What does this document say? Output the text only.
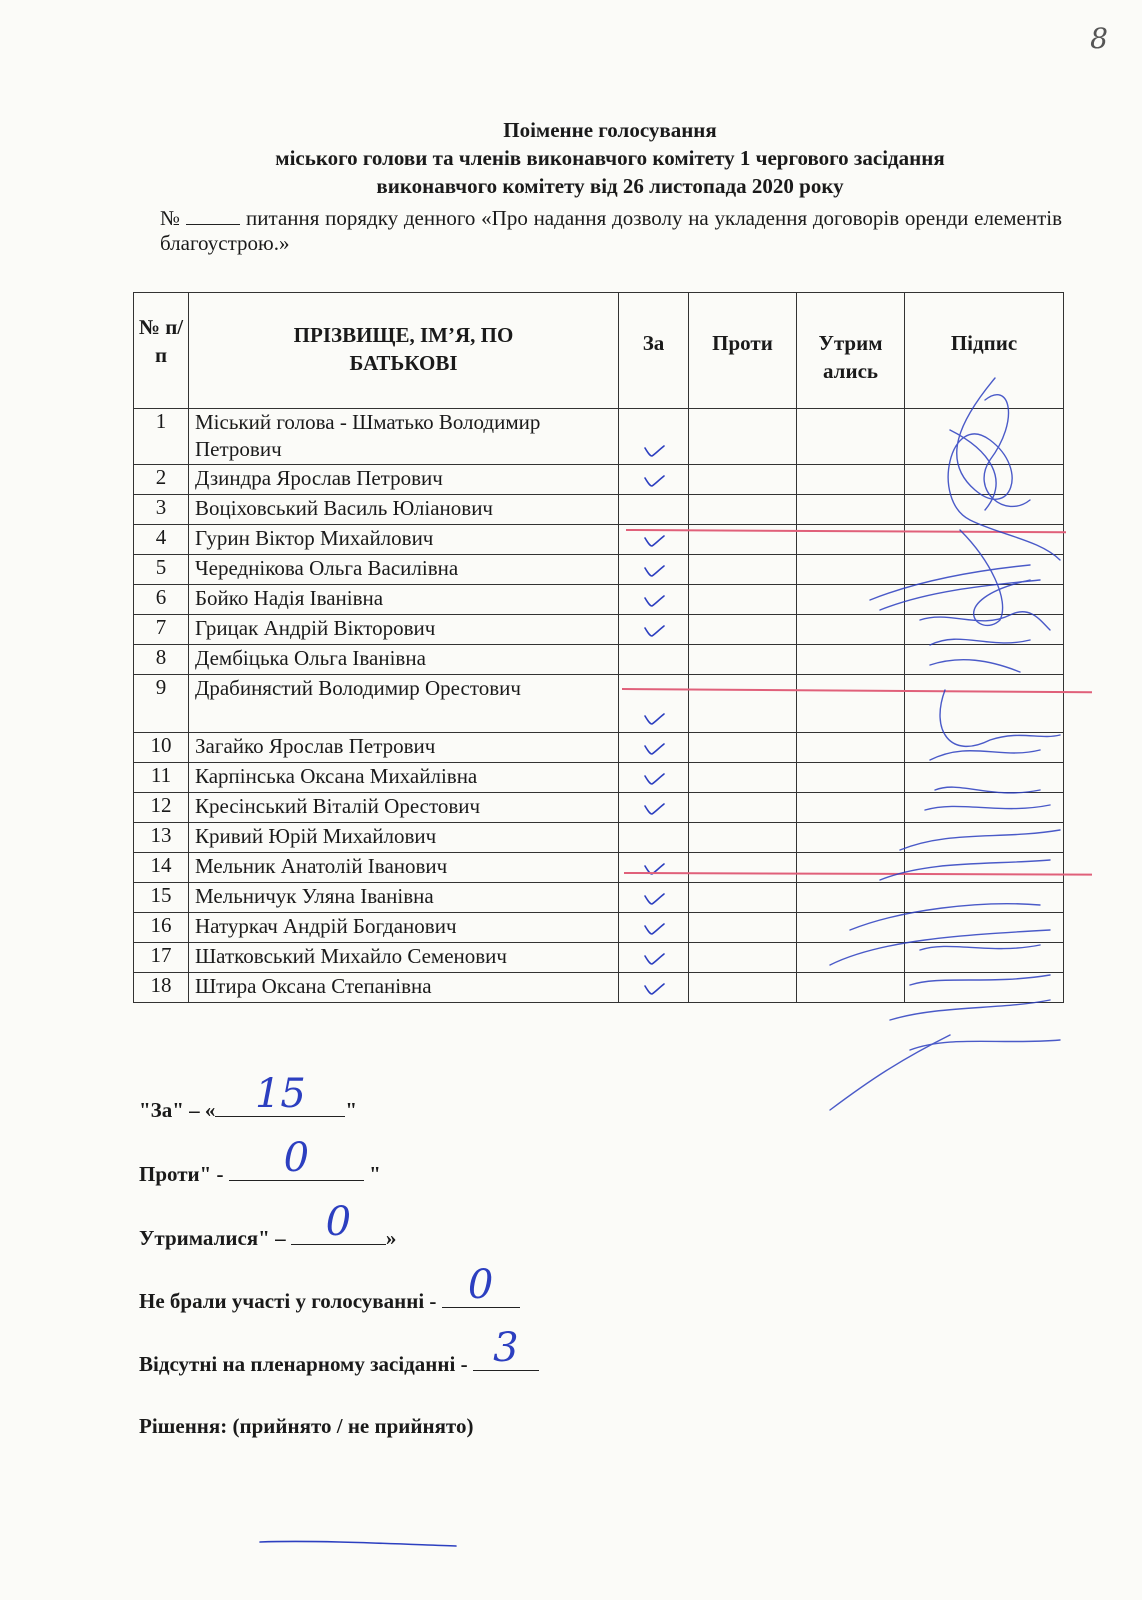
8
Поіменне голосування
міського голови та членів виконавчого комітету 1 чергового засідання
виконавчого комітету від 26 листопада 2020 року
№	питання порядку денного «Про надання дозволу на укладення договорів оренди елементів благоустрою.»
№ п/п	ПРІЗВИЩЕ, ІМ’Я, ПО БАТЬКОВІ	За	Проти	Утрим ались	Підпис
1	Міський голова - Шматько Володимир Петрович				
2	Дзиндра Ярослав Петрович				
3	Воціховський Василь Юліанович				
4	Гурин Віктор Михайлович				
5	Череднікова Ольга Василівна				
6	Бойко Надія Іванівна				
7	Грицак Андрій Вікторович				
8	Дембіцька Ольга Іванівна				
9	Драбинястий Володимир Орестович				
10	Загайко Ярослав Петрович				
11	Карпінська Оксана Михайлівна				
12	Кресінський Віталій Орестович				
13	Кривий Юрій Михайлович				
14	Мельник Анатолій Іванович				
15	Мельничук Уляна Іванівна				
16	Натуркач Андрій Богданович				
17	Шатковський Михайло Семенович				
18	Штира Оксана Степанівна				
"За" – « 15	"
Проти" -	0	"
Утрималися" –	0	»
Не брали участі у голосуванні - 0
Відсутні на пленарному засіданні - 3
Рішення: (прийнято / не прийнято)
